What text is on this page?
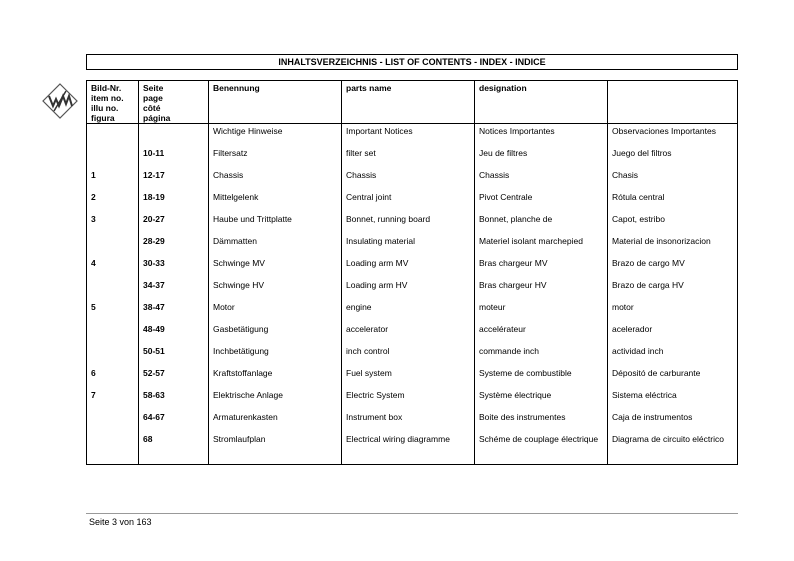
INHALTSVERZEICHNIS - LIST OF CONTENTS - INDEX - INDICE
Bild-Nr.
item no.
illu no.
figura	Seite
page
côté
página	Benennung	parts name	designation	
		Wichtige Hinweise	Important Notices	Notices Importantes	Observaciones Importantes
	10-11	Filtersatz	filter set	Jeu de filtres	Juego del filtros
1	12-17	Chassis	Chassis	Chassis	Chasis
2	18-19	Mittelgelenk	Central joint	Pivot Centrale	Rótula central
3	20-27	Haube und Trittplatte	Bonnet, running board	Bonnet, planche de	Capot, estribo
	28-29	Dämmatten	Insulating material	Materiel isolant marchepied	Material de insonorizacion
4	30-33	Schwinge MV	Loading arm MV	Bras chargeur MV	Brazo de cargo MV
	34-37	Schwinge HV	Loading arm HV	Bras chargeur HV	Brazo de carga HV
5	38-47	Motor	engine	moteur	motor
	48-49	Gasbetätigung	accelerator	accelérateur	acelerador
	50-51	Inchbetätigung	inch control	commande inch	actividad inch
6	52-57	Kraftstoffanlage	Fuel system	Systeme de combustible	Dépositó de carburante
7	58-63	Elektrische Anlage	Electric System	Système électrique	Sistema eléctrica
	64-67	Armaturenkasten	Instrument box	Boite des instrumentes	Caja de instrumentos
	68	Stromlaufplan	Electrical wiring diagramme	Schéme de couplage électrique	Diagrama de circuito eléctrico
Seite 3 von 163
